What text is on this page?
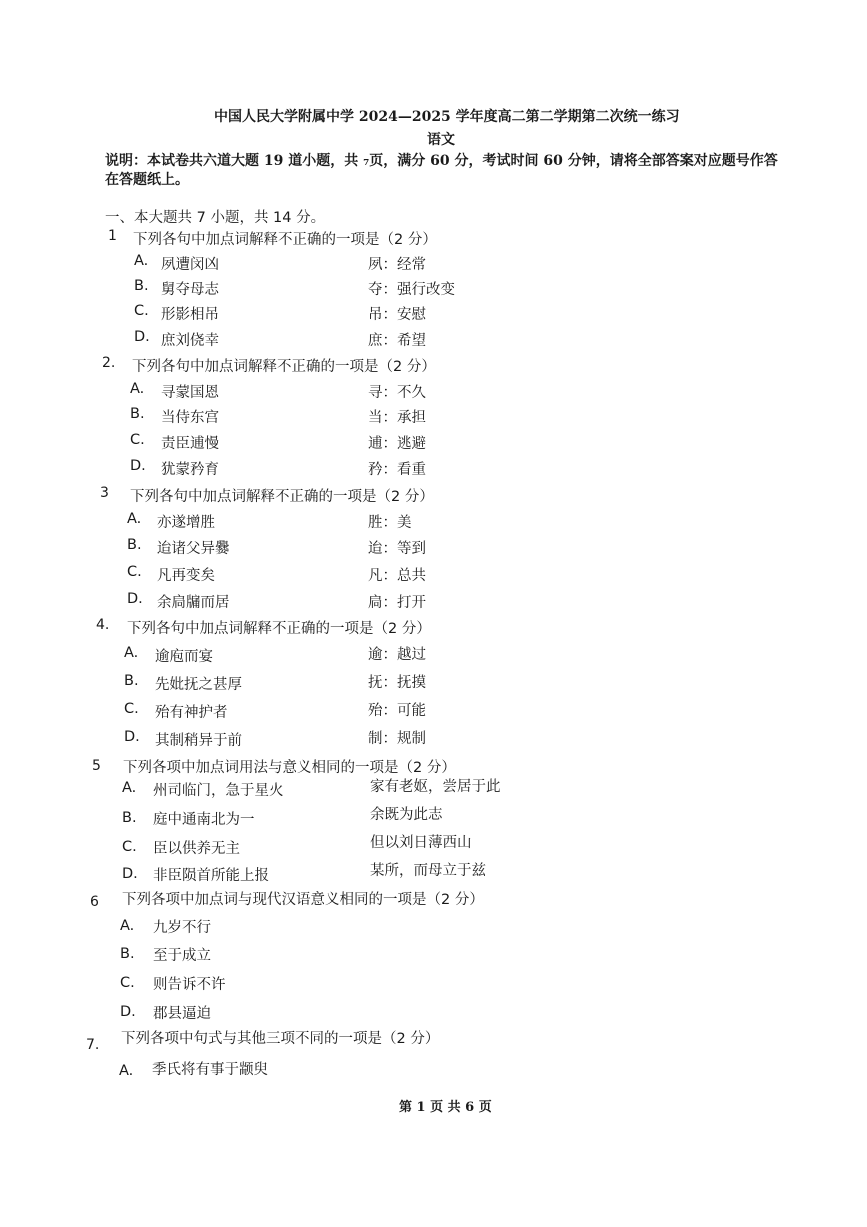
中国人民大学附属中学 2024—2025 学年度高二第二学期第二次统一练习
语文
说明：本试卷共六道大题 19 道小题，共 ₇页，满分 60 分，考试时间 60 分钟，请将全部答案对应题号作答
在答题纸上。
一、本大题共 7 小题，共 14 分。
1 下列各句中加点词解释不正确的一项是（2 分）
A. 夙遭闵凶	夙：经常
B. 舅夺母志	夺：强行改变
C. 形影相吊	吊：安慰
D. 庶刘侥幸	庶：希望
2. 下列各句中加点词解释不正确的一项是（2 分）
A. 寻蒙国恩	寻：不久
B. 当侍东宫	当：承担
C. 责臣逋慢	逋：逃避
D. 犹蒙矜育	矜：看重
3 下列各句中加点词解释不正确的一项是（2 分）
A. 亦遂增胜	胜：美
B. 迨诸父异爨	迨：等到
C. 凡再变矣	凡：总共
D. 余扃牖而居	扃：打开
4. 下列各句中加点词解释不正确的一项是（2 分）
A. 逾庖而宴	逾：越过
B. 先妣抚之甚厚	抚：抚摸
C. 殆有神护者	殆：可能
D. 其制稍异于前	制：规制
5 下列各项中加点词用法与意义相同的一项是（2 分）
A. 州司临门，急于星火	家有老妪，尝居于此
B. 庭中通南北为一	余既为此志
C. 臣以供养无主	但以刘日薄西山
D. 非臣陨首所能上报	某所，而母立于兹
6 下列各项中加点词与现代汉语意义相同的一项是（2 分）
A. 九岁不行
B. 至于成立
C. 则告诉不许
D. 郡县逼迫
7. 下列各项中句式与其他三项不同的一项是（2 分）
A. 季氏将有事于颛臾
第 1 页 共 6 页
